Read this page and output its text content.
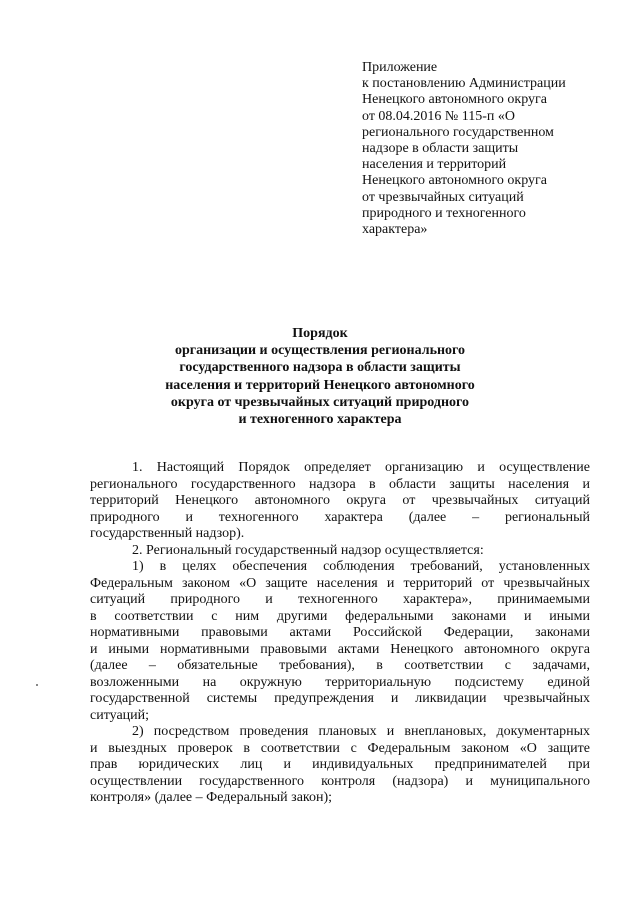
Приложение
к постановлению Администрации
Ненецкого автономного округа
от 08.04.2016 № 115-п «О
регионального государственном
надзоре в области защиты
населения и территорий
Ненецкого автономного округа
от чрезвычайных ситуаций
природного и техногенного
характера»
Порядок
организации и осуществления регионального
государственного надзора в области защиты
населения и территорий Ненецкого автономного
округа от чрезвычайных ситуаций природного
и техногенного характера
1. Настоящий Порядок определяет организацию и осуществление
регионального государственного надзора в области защиты населения и
территорий Ненецкого автономного округа от чрезвычайных ситуаций
природного и техногенного характера (далее – региональный
государственный надзор).
2. Региональный государственный надзор осуществляется:
1) в целях обеспечения соблюдения требований, установленных
Федеральным законом «О защите населения и территорий от чрезвычайных
ситуаций природного и техногенного характера», принимаемыми
в соответствии с ним другими федеральными законами и иными
нормативными правовыми актами Российской Федерации, законами
и иными нормативными правовыми актами Ненецкого автономного округа
(далее – обязательные требования), в соответствии с задачами,
возложенными на окружную территориальную подсистему единой
государственной системы предупреждения и ликвидации чрезвычайных
ситуаций;
2) посредством проведения плановых и внеплановых, документарных
и выездных проверок в соответствии с Федеральным законом «О защите
прав юридических лиц и индивидуальных предпринимателей при
осуществлении государственного контроля (надзора) и муниципального
контроля» (далее – Федеральный закон);
